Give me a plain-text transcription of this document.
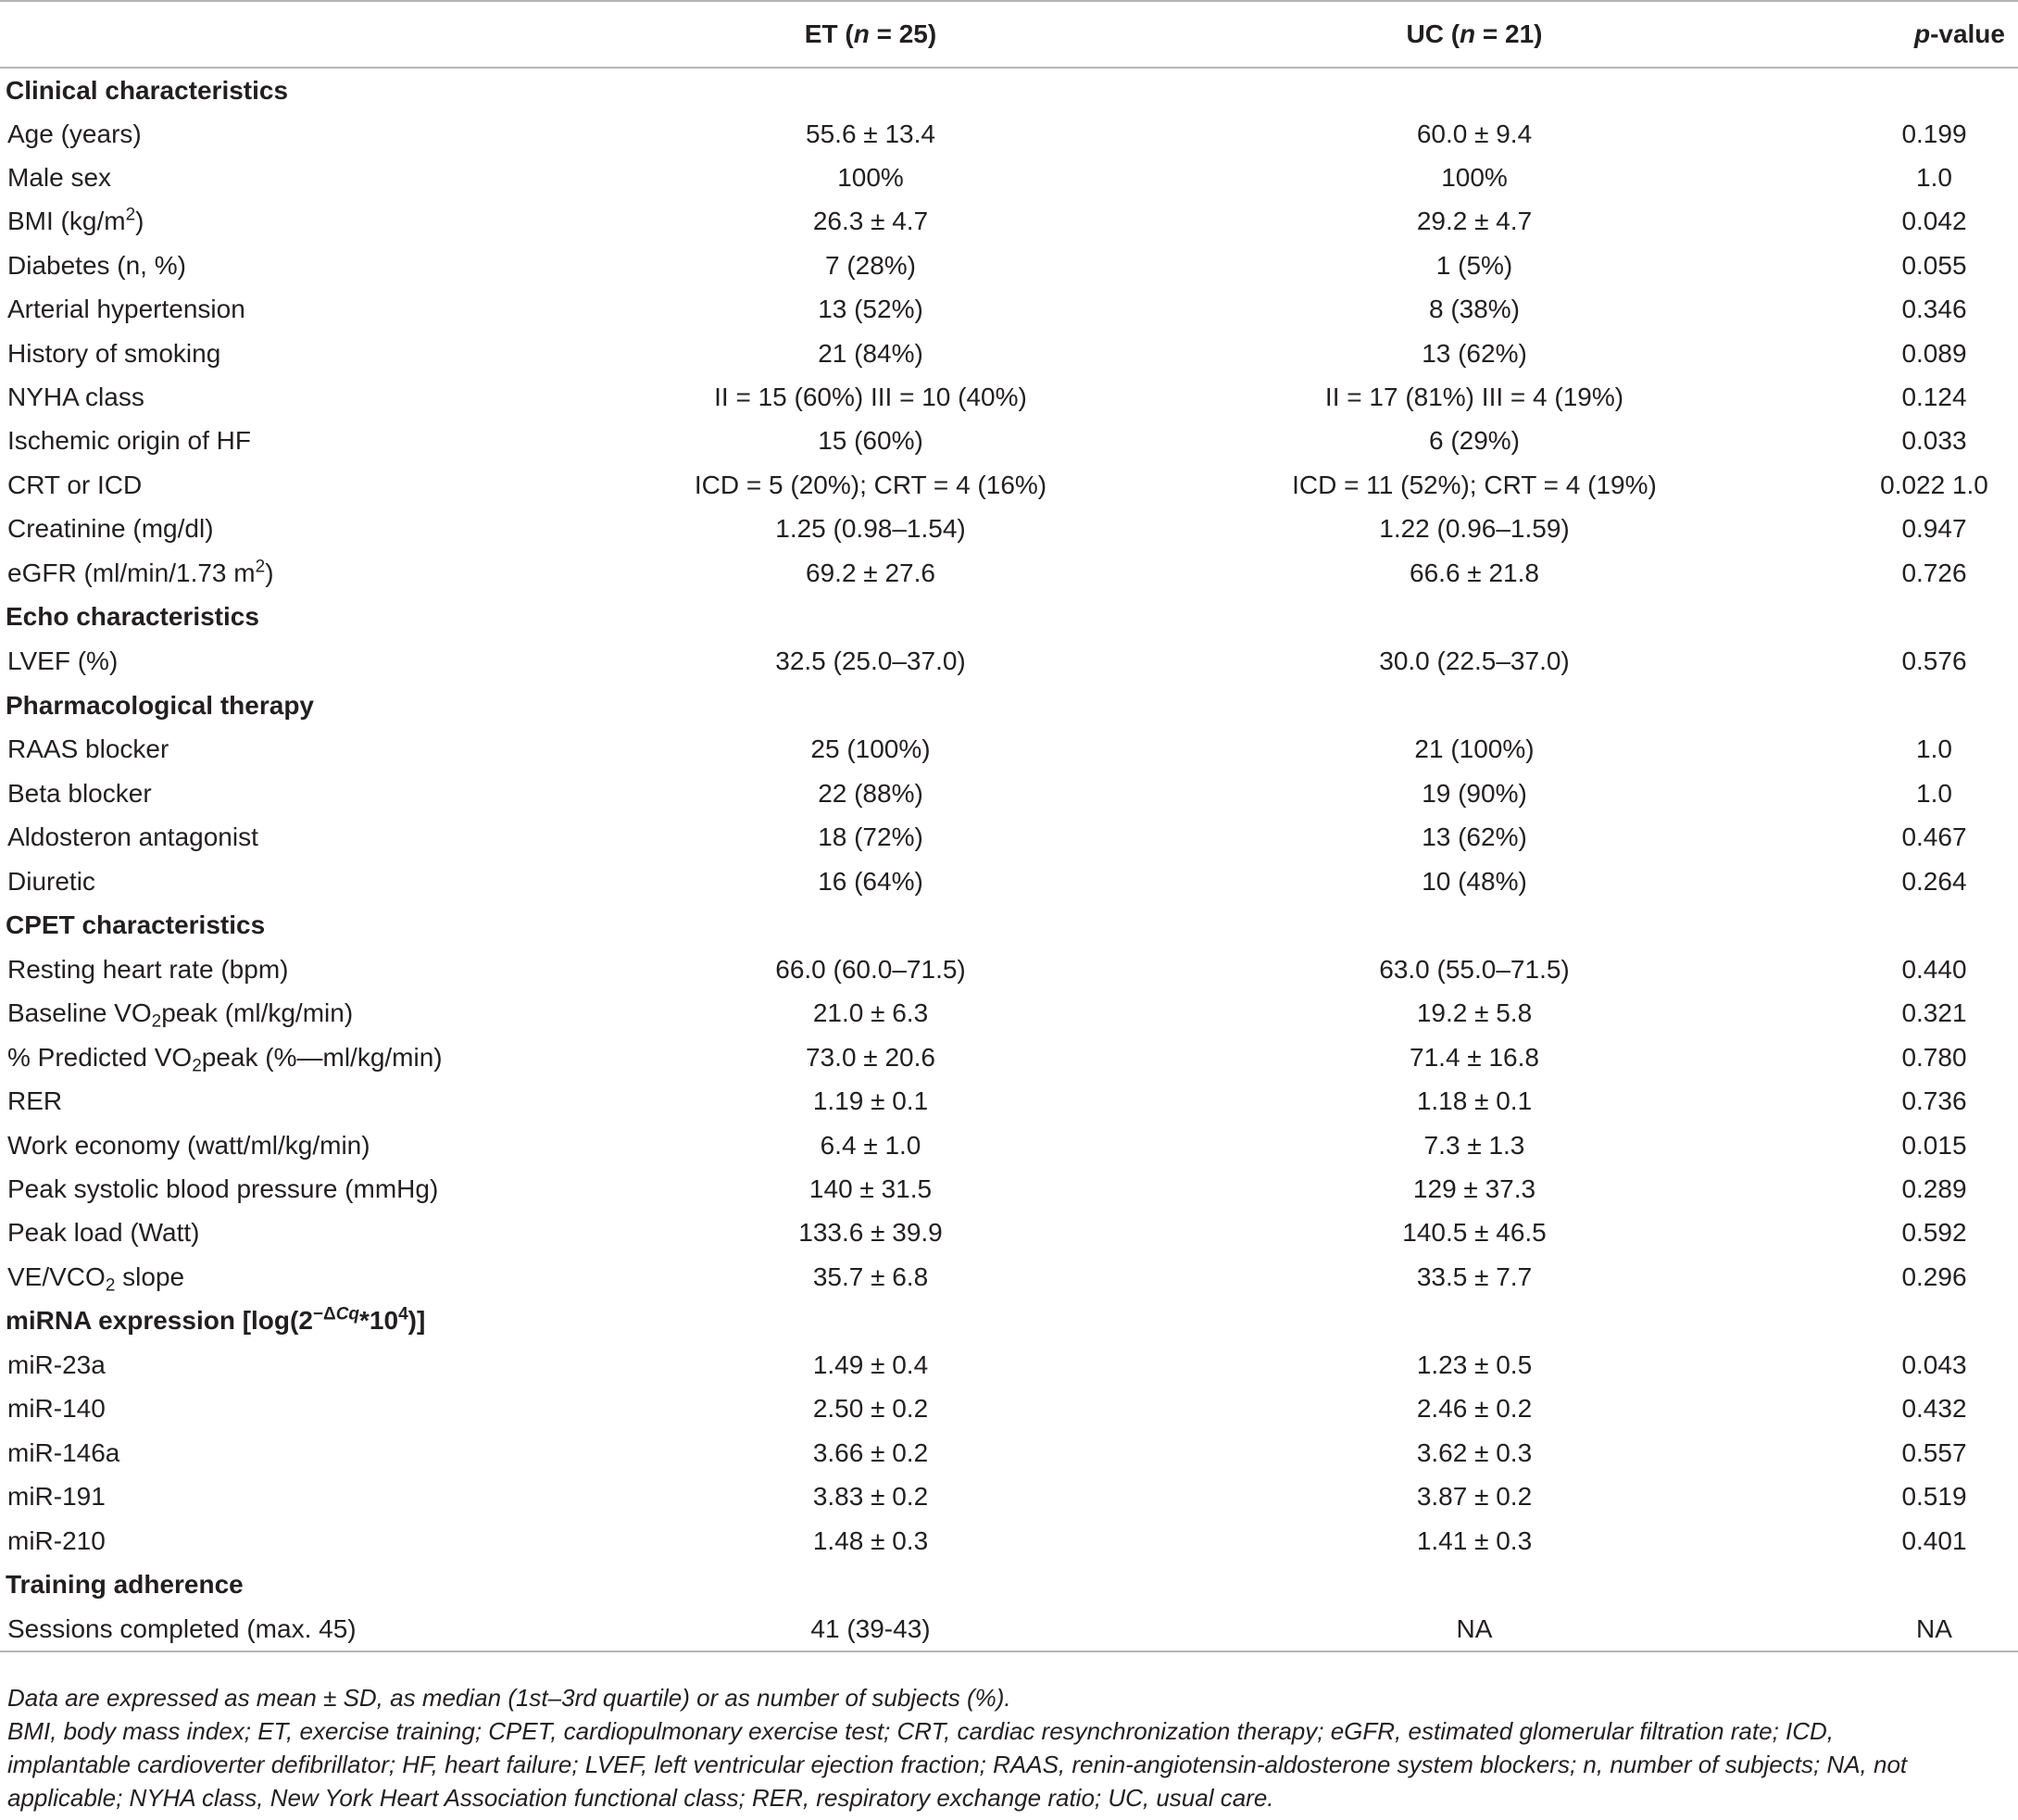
	ET (n = 25)	UC (n = 21)	p-value
Clinical characteristics			
Age (years)	55.6 ± 13.4	60.0 ± 9.4	0.199
Male sex	100%	100%	1.0
BMI $(kg/m^2)$	26.3 ± 4.7	29.2 ± 4.7	0.042
Diabetes (n, %)	7 (28%)	1 (5%)	0.055
Arterial hypertension	13 (52%)	8 (38%)	0.346
History of smoking	21 (84%)	13 (62%)	0.089
NYHA class	II = 15 (60%) III = 10 (40%)	II = 17 (81%) III = 4 (19%)	0.124
Ischemic origin of HF	15 (60%)	6 (29%)	0.033
CRT or ICD	ICD = 5 (20%); CRT = 4 (16%)	ICD = 11 (52%); CRT = 4 (19%)	0.022 1.0
Creatinine (mg/dl)	1.25 (0.98–1.54)	1.22 (0.96–1.59)	0.947
eGFR (ml/min/1.73 $m^2$)	69.2 ± 27.6	66.6 ± 21.8	0.726
Echo characteristics			
LVEF (%)	32.5 (25.0–37.0)	30.0 (22.5–37.0)	0.576
Pharmacological therapy			
RAAS blocker	25 (100%)	21 (100%)	1.0
Beta blocker	22 (88%)	19 (90%)	1.0
Aldosteron antagonist	18 (72%)	13 (62%)	0.467
Diuretic	16 (64%)	10 (48%)	0.264
CPET characteristics			
Resting heart rate (bpm)	66.0 (60.0–71.5)	63.0 (55.0–71.5)	0.440
Baseline $VO_2peak$ (ml/kg/min)	21.0 ± 6.3	19.2 ± 5.8	0.321
% Predicted $VO_2peak$ (%—ml/kg/min)	73.0 ± 20.6	71.4 ± 16.8	0.780
RER	1.19 ± 0.1	1.18 ± 0.1	0.736
Work economy (watt/ml/kg/min)	6.4 ± 1.0	7.3 ± 1.3	0.015
Peak systolic blood pressure (mmHg)	140 ± 31.5	129 ± 37.3	0.289
Peak load (Watt)	133.6 ± 39.9	140.5 ± 46.5	0.592
$VE/VCO_2$ slope	35.7 ± 6.8	33.5 ± 7.7	0.296
miRNA expression $[\log(2^{-\Delta Cq}*10^4)]$			
miR-23a	1.49 ± 0.4	1.23 ± 0.5	0.043
miR-140	2.50 ± 0.2	2.46 ± 0.2	0.432
miR-146a	3.66 ± 0.2	3.62 ± 0.3	0.557
miR-191	3.83 ± 0.2	3.87 ± 0.2	0.519
miR-210	1.48 ± 0.3	1.41 ± 0.3	0.401
Training adherence			
Sessions completed (max. 45)	41 (39-43)	NA	NA

Data are expressed as mean ± SD, as median (1st–3rd quartile) or as number of subjects (%).

BMI, body mass index; ET, exercise training; CPET, cardiopulmonary exercise test; CRT, cardiac resynchronization therapy; eGFR, estimated glomerular filtration rate; ICD, implantable cardioverter defibrillator; HF, heart failure; LVEF, left ventricular ejection fraction; RAAS, renin-angiotensin-aldosterone system blockers; n, number of subjects; NA, not applicable; NYHA class, New York Heart Association functional class; RER, respiratory exchange ratio; UC, usual care.
